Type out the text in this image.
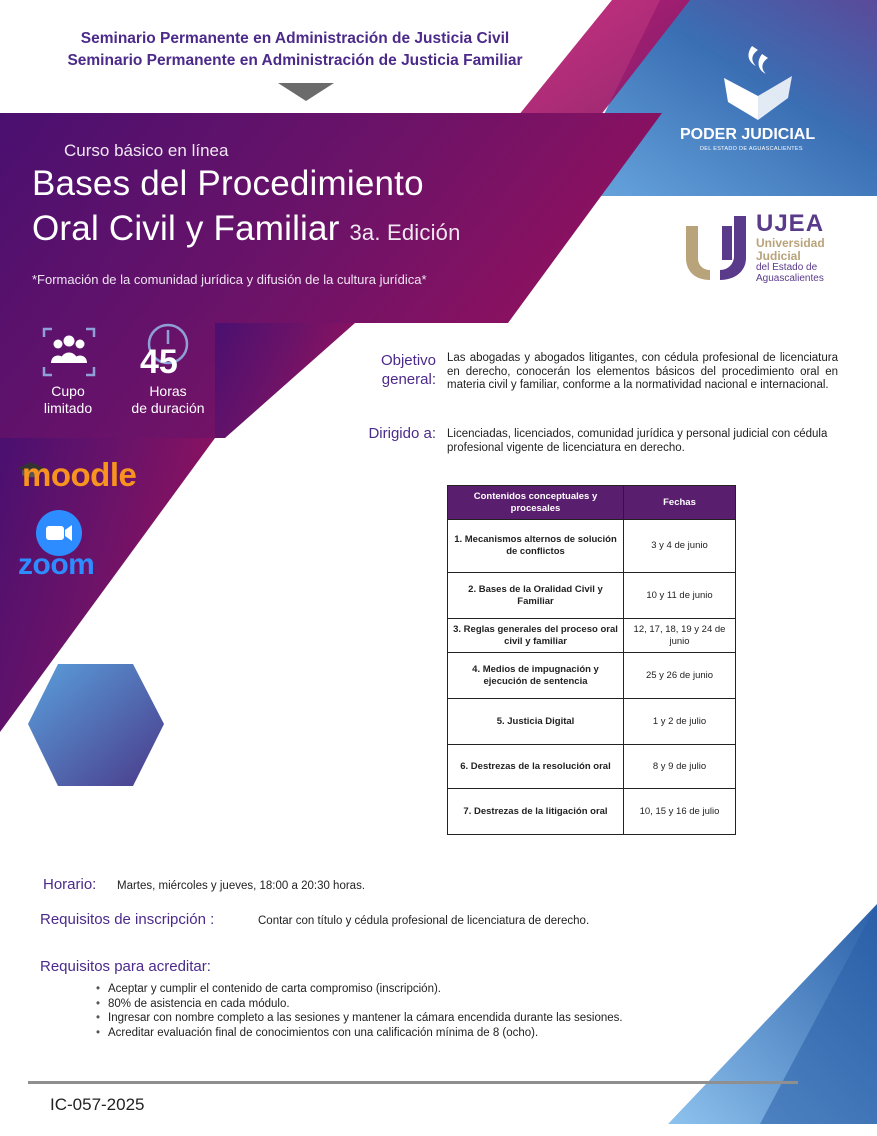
Seminario Permanente en Administración de Justicia Civil
Seminario Permanente en Administración de Justicia Familiar
PODER JUDICIAL
DEL ESTADO DE AGUASCALIENTES
UJEA
Universidad
Judicial
del Estado de
Aguascalientes
Curso básico en línea
Bases del Procedimiento
Oral Civil y Familiar 3a. Edición
*Formación de la comunidad jurídica y difusión de la cultura jurídica*
Cupo
limitado
45
Horas
de duración
moodle
zoom
Objetivo
general:
Las abogadas y abogados litigantes, con cédula profesional de licenciatura en derecho, conocerán los elementos básicos del procedimiento oral en materia civil y familiar, conforme a la normatividad nacional e internacional.
Dirigido a: Licenciadas, licenciados, comunidad jurídica y personal judicial con cédula profesional vigente de licenciatura en derecho.
Contenidos conceptuales y procesales	Fechas
1. Mecanismos alternos de solución de conflictos	3 y 4 de junio
2. Bases de la Oralidad Civil y Familiar	10 y 11 de junio
3. Reglas generales del proceso oral civil y familiar	12, 17, 18, 19 y 24 de junio
4. Medios de impugnación y ejecución de sentencia	25 y 26 de junio
5. Justicia Digital	1 y 2 de julio
6. Destrezas de la resolución oral	8 y 9 de julio
7. Destrezas de la litigación oral	10, 15 y 16 de julio
Horario: Martes, miércoles y jueves, 18:00 a 20:30 horas.
Requisitos de inscripción :	Contar con título y cédula profesional de licenciatura de derecho.
Requisitos para acreditar:
• Aceptar y cumplir el contenido de carta compromiso (inscripción).
• 80% de asistencia en cada módulo.
• Ingresar con nombre completo a las sesiones y mantener la cámara encendida durante las sesiones.
• Acreditar evaluación final de conocimientos con una calificación mínima de 8 (ocho).
IC-057-2025
